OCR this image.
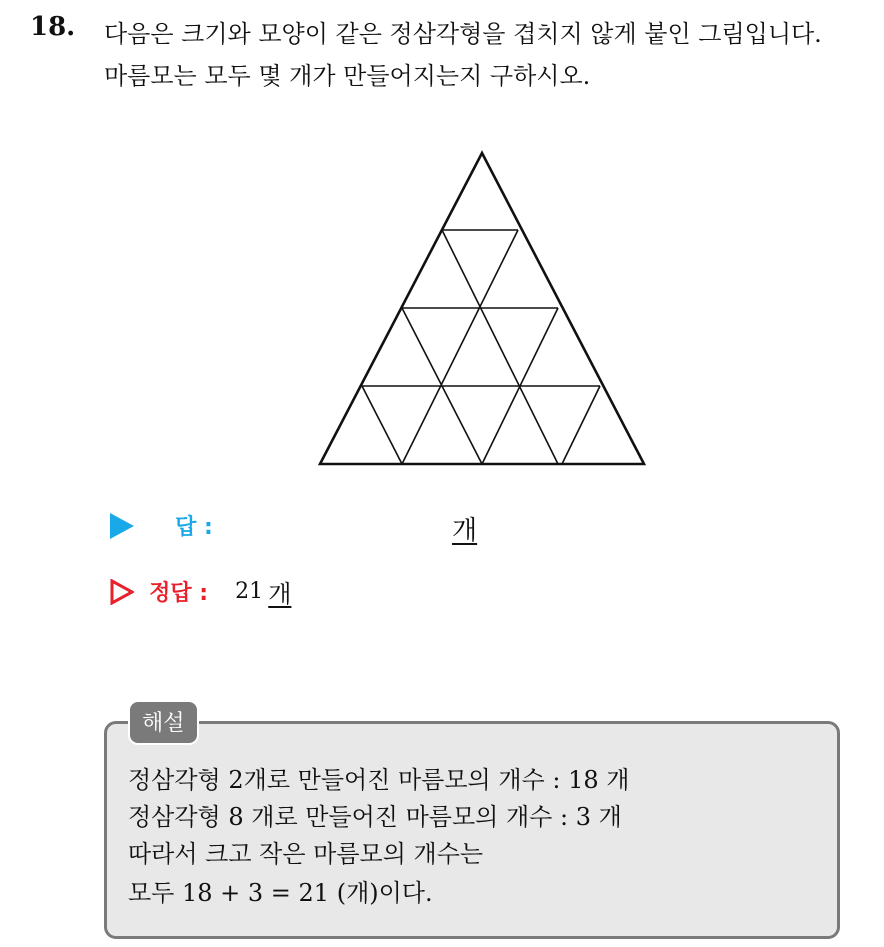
18. 다음은 크기와 모양이 같은 정삼각형을 겹치지 않게 붙인 그림입니다.
마름모는 모두 몇 개가 만들어지는지 구하시오.
답 :	개
정답 : 21 개
해설
정삼각형 2개로 만들어진 마름모의 개수 : 18 개
정삼각형 8 개로 만들어진 마름모의 개수 : 3 개
따라서 크고 작은 마름모의 개수는
모두 18 + 3 = 21 (개)이다.
